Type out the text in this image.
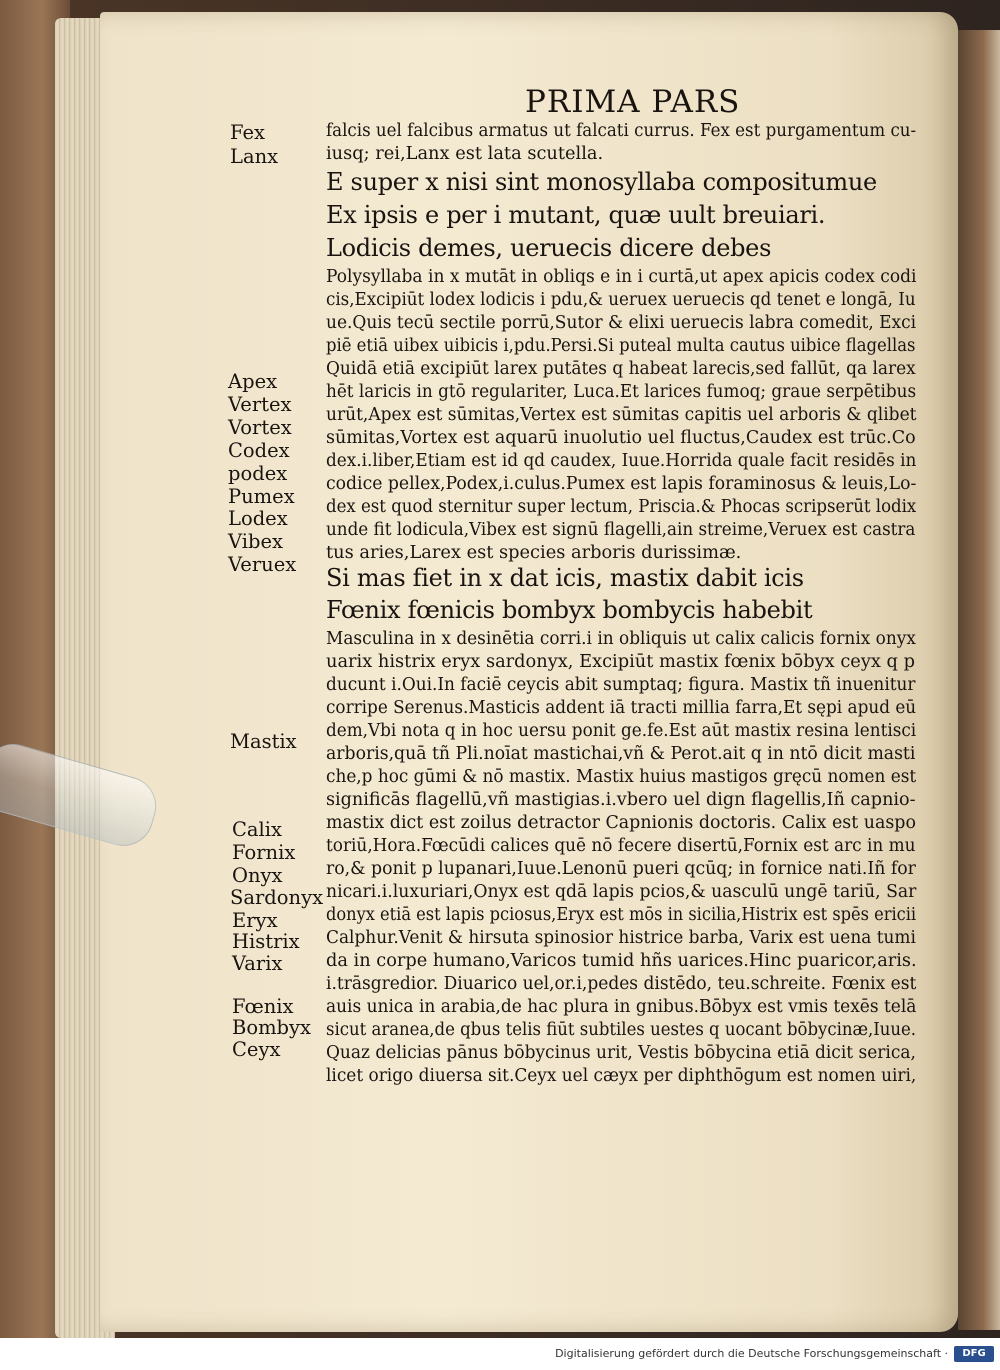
PRIMA PARS
Fex
Lanx
Apex
Vertex
Vortex
Codex
podex
Pumex
Lodex
Vibex
Veruex
Mastix
Calix
Fornix
Onyx
Sardonyx
Eryx
Histrix
Varix
Fœnix
Bombyx
Ceyx
falcis uel falcibus armatus ut falcati currus. Fex est purgamentum cu-
iusq; rei,Lanx est lata scutella.
E super x nisi sint monosyllaba compositumue
Ex ipsis e per i mutant, quæ uult breuiari.
Lodicis demes, ueruecis dicere debes
Polysyllaba in x mutāt in obliqs e in i curtā,ut apex apicis codex codi
cis,Excipiūt lodex lodicis i pdu,& ueruex ueruecis qd tenet e longā, Iu
ue.Quis tecū sectile porrū,Sutor & elixi ueruecis labra comedit, Exci
piē etiā uibex uibicis i,pdu.Persi.Si puteal multa cautus uibice flagellas
Quidā etiā excipiūt larex putātes q habeat larecis,sed fallūt, qa larex
hēt laricis in gtō regulariter, Luca.Et larices fumoq; graue serpētibus
urūt,Apex est sūmitas,Vertex est sūmitas capitis uel arboris & qlibet
sūmitas,Vortex est aquarū inuolutio uel fluctus,Caudex est trūc.Co
dex.i.liber,Etiam est id qd caudex, Iuue.Horrida quale facit residēs in
codice pellex,Podex,i.culus.Pumex est lapis foraminosus & leuis,Lo-
dex est quod sternitur super lectum, Priscia.& Phocas scripserūt lodix
unde fit lodicula,Vibex est signū flagelli,ain streime,Veruex est castra
tus aries,Larex est species arboris durissimæ.
Si mas fiet in x dat icis, mastix dabit icis
Fœnix fœnicis bombyx bombycis habebit
Masculina in x desinētia corri.i in obliquis ut calix calicis fornix onyx
uarix histrix eryx sardonyx, Excipiūt mastix fœnix bōbyx ceyx q p
ducunt i.Oui.In faciē ceycis abit sumptaq; figura. Mastix tñ inuenitur
corripe Serenus.Masticis addent iā tracti millia farra,Et sępi apud eū
dem,Vbi nota q in hoc uersu ponit ge.fe.Est aūt mastix resina lentisci
arboris,quā tñ Pli.noīat mastichai,vñ & Perot.ait q in ntō dicit masti
che,p hoc gūmi & nō mastix. Mastix huius mastigos gręcū nomen est
significās flagellū,vñ mastigias.i.vbero uel dign flagellis,Iñ capnio-
mastix dict est zoilus detractor Capnionis doctoris. Calix est uaspo
toriū,Hora.Fœcūdi calices quē nō fecere disertū,Fornix est arc in mu
ro,& ponit p lupanari,Iuue.Lenonū pueri qcūq; in fornice nati.Iñ for
nicari.i.luxuriari,Onyx est qdā lapis pcios,& uasculū ungē tariū, Sar
donyx etiā est lapis pciosus,Eryx est mōs in sicilia,Histrix est spēs ericii
Calphur.Venit & hirsuta spinosior histrice barba, Varix est uena tumi
da in corpe humano,Varicos tumid hñs uarices.Hinc puaricor,aris.
i.trāsgredior. Diuarico uel,or.i,pedes distēdo, teu.schreite. Fœnix est
auis unica in arabia,de hac plura in gnibus.Bōbyx est vmis texēs telā
sicut aranea,de qbus telis fiūt subtiles uestes q uocant bōbycinæ,Iuue.
Quaz delicias pānus bōbycinus urit, Vestis bōbycina etiā dicit serica,
licet origo diuersa sit.Ceyx uel cæyx per diphthōgum est nomen uiri,
Digitalisierung gefördert durch die Deutsche Forschungsgemeinschaft ·	DFG
